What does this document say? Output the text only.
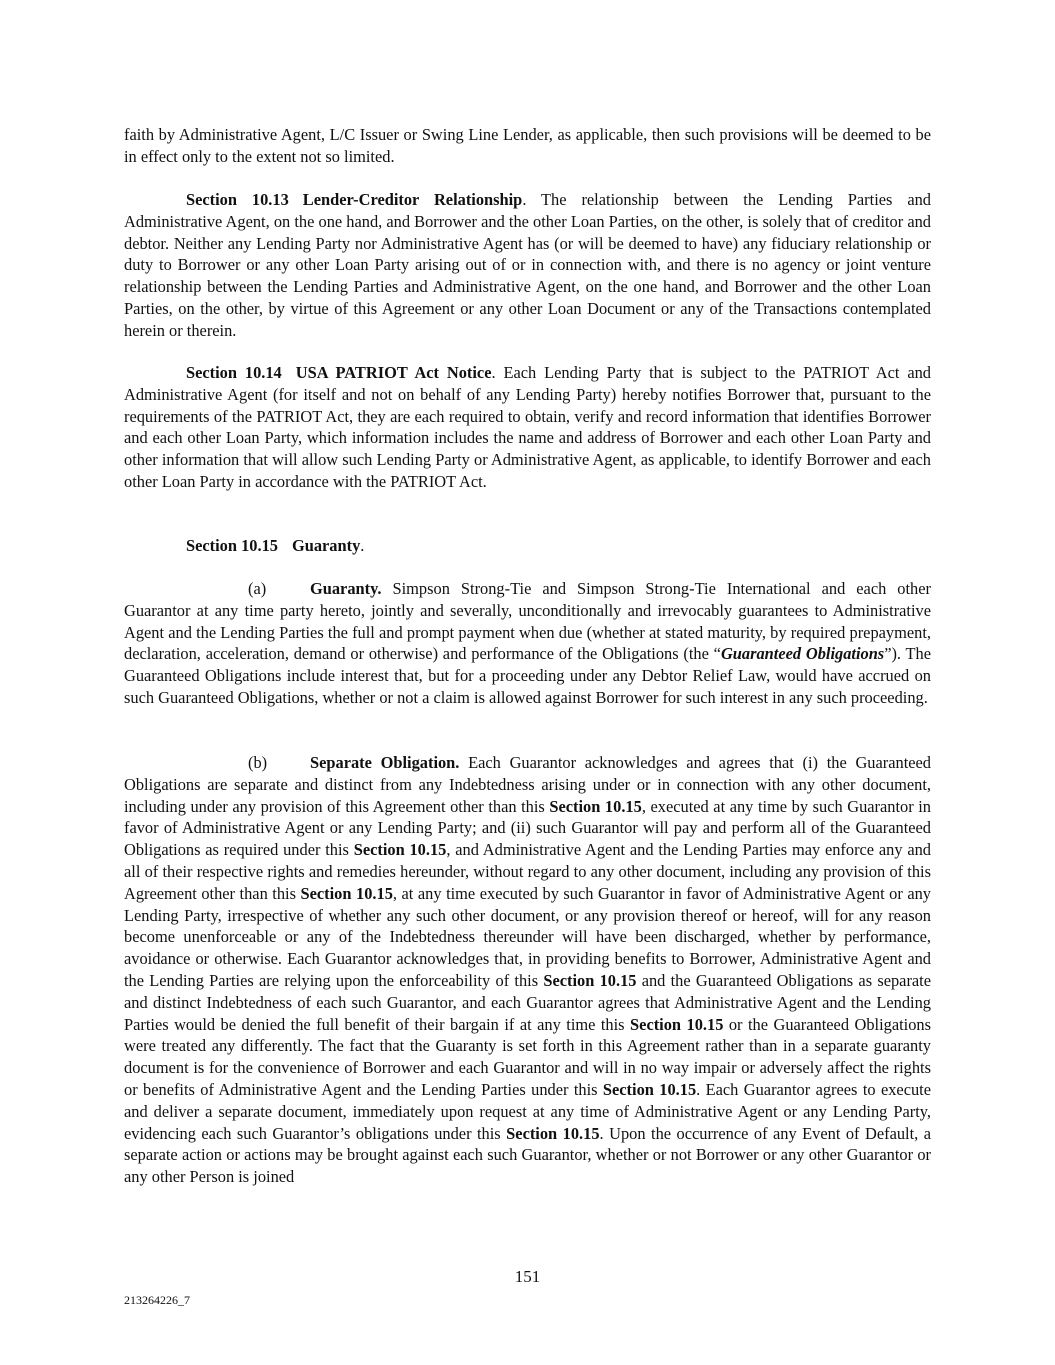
faith by Administrative Agent, L/C Issuer or Swing Line Lender, as applicable, then such provisions will be deemed to be in effect only to the extent not so limited.

Section 10.13 Lender-Creditor Relationship. The relationship between the Lending Parties and Administrative Agent, on the one hand, and Borrower and the other Loan Parties, on the other, is solely that of creditor and debtor. Neither any Lending Party nor Administrative Agent has (or will be deemed to have) any fiduciary relationship or duty to Borrower or any other Loan Party arising out of or in connection with, and there is no agency or joint venture relationship between the Lending Parties and Administrative Agent, on the one hand, and Borrower and the other Loan Parties, on the other, by virtue of this Agreement or any other Loan Document or any of the Transactions contemplated herein or therein.

Section 10.14 USA PATRIOT Act Notice. Each Lending Party that is subject to the PATRIOT Act and Administrative Agent (for itself and not on behalf of any Lending Party) hereby notifies Borrower that, pursuant to the requirements of the PATRIOT Act, they are each required to obtain, verify and record information that identifies Borrower and each other Loan Party, which information includes the name and address of Borrower and each other Loan Party and other information that will allow such Lending Party or Administrative Agent, as applicable, to identify Borrower and each other Loan Party in accordance with the PATRIOT Act.

Section 10.15 Guaranty.

(a)	Guaranty. Simpson Strong-Tie and Simpson Strong-Tie International and each other Guarantor at any time party hereto, jointly and severally, unconditionally and irrevocably guarantees to Administrative Agent and the Lending Parties the full and prompt payment when due (whether at stated maturity, by required prepayment, declaration, acceleration, demand or otherwise) and performance of the Obligations (the “Guaranteed Obligations”). The Guaranteed Obligations include interest that, but for a proceeding under any Debtor Relief Law, would have accrued on such Guaranteed Obligations, whether or not a claim is allowed against Borrower for such interest in any such proceeding.

(b)	Separate Obligation. Each Guarantor acknowledges and agrees that (i) the Guaranteed Obligations are separate and distinct from any Indebtedness arising under or in connection with any other document, including under any provision of this Agreement other than this Section 10.15, executed at any time by such Guarantor in favor of Administrative Agent or any Lending Party; and (ii) such Guarantor will pay and perform all of the Guaranteed Obligations as required under this Section 10.15, and Administrative Agent and the Lending Parties may enforce any and all of their respective rights and remedies hereunder, without regard to any other document, including any provision of this Agreement other than this Section 10.15, at any time executed by such Guarantor in favor of Administrative Agent or any Lending Party, irrespective of whether any such other document, or any provision thereof or hereof, will for any reason become unenforceable or any of the Indebtedness thereunder will have been discharged, whether by performance, avoidance or otherwise. Each Guarantor acknowledges that, in providing benefits to Borrower, Administrative Agent and the Lending Parties are relying upon the enforceability of this Section 10.15 and the Guaranteed Obligations as separate and distinct Indebtedness of each such Guarantor, and each Guarantor agrees that Administrative Agent and the Lending Parties would be denied the full benefit of their bargain if at any time this Section 10.15 or the Guaranteed Obligations were treated any differently. The fact that the Guaranty is set forth in this Agreement rather than in a separate guaranty document is for the convenience of Borrower and each Guarantor and will in no way impair or adversely affect the rights or benefits of Administrative Agent and the Lending Parties under this Section 10.15. Each Guarantor agrees to execute and deliver a separate document, immediately upon request at any time of Administrative Agent or any Lending Party, evidencing each such Guarantor’s obligations under this Section 10.15. Upon the occurrence of any Event of Default, a separate action or actions may be brought against each such Guarantor, whether or not Borrower or any other Guarantor or any other Person is joined

151
213264226_7
